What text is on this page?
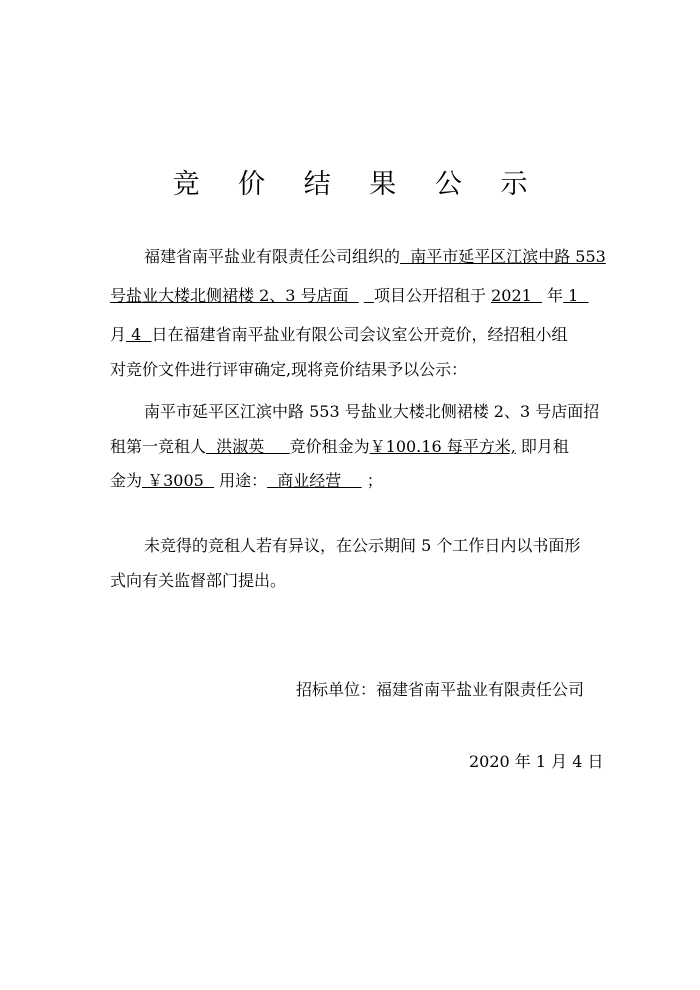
竞 价 结 果 公 示
福建省南平盐业有限责任公司组织的  南平市延平区江滨中路 553
号盐业大楼北侧裙楼 2、3 号店面     项目公开招租于 2021   年 1
月 4  日在福建省南平盐业有限公司会议室公开竞价，经招租小组
对竞价文件进行评审确定,现将竞价结果予以公示：
南平市延平区江滨中路 553 号盐业大楼北侧裙楼 2、3 号店面招
租第一竞租人  洪淑英     竞价租金为￥100.16 每平方米, 即月租
金为 ￥3005   用途：  商业经营     ；
未竞得的竞租人若有异议，在公示期间 5 个工作日内以书面形
式向有关监督部门提出。
招标单位：福建省南平盐业有限责任公司
2020 年 1 月 4 日
